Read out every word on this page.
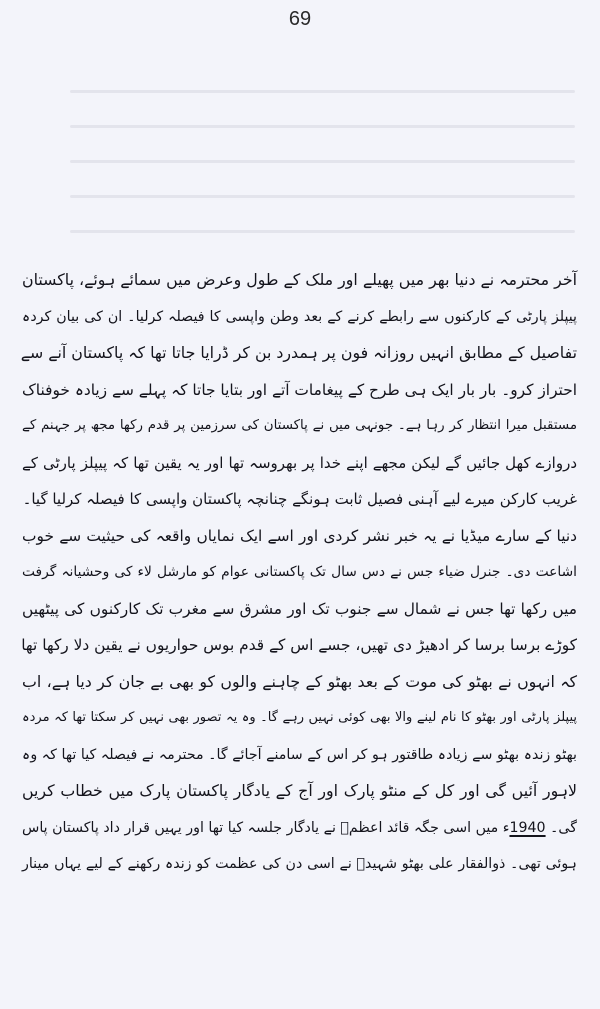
69
آخر محترمہ نے دنیا بھر میں پھیلے اور ملک کے طول وعرض میں سمائے ہوئے، پاکستان
پیپلز پارٹی کے کارکنوں سے رابطے کرنے کے بعد وطن واپسی کا فیصلہ کرلیا۔ ان کی بیان کردہ
تفاصیل کے مطابق انہیں روزانہ فون پر ہمدرد بن کر ڈرایا جاتا تھا کہ پاکستان آنے سے
احتراز کرو۔ بار بار ایک ہی طرح کے پیغامات آتے اور بتایا جاتا کہ پہلے سے زیادہ خوفناک
مستقبل میرا انتظار کر رہا ہے۔ جونہی میں نے پاکستان کی سرزمین پر قدم رکھا مجھ پر جہنم کے
دروازے کھل جائیں گے لیکن مجھے اپنے خدا پر بھروسہ تھا اور یہ یقین تھا کہ پیپلز پارٹی کے
غریب کارکن میرے لیے آہنی فصیل ثابت ہونگے چنانچہ پاکستان واپسی کا فیصلہ کرلیا گیا۔
دنیا کے سارے میڈیا نے یہ خبر نشر کردی اور اسے ایک نمایاں واقعہ کی حیثیت سے خوب
اشاعت دی۔ جنرل ضیاء جس نے دس سال تک پاکستانی عوام کو مارشل لاء کی وحشیانہ گرفت
میں رکھا تھا جس نے شمال سے جنوب تک اور مشرق سے مغرب تک کارکنوں کی پیٹھیں
کوڑے برسا برسا کر ادھیڑ دی تھیں، جسے اس کے قدم بوس حواریوں نے یقین دلا رکھا تھا
کہ انہوں نے بھٹو کی موت کے بعد بھٹو کے چاہنے والوں کو بھی بے جان کر دیا ہے، اب
پیپلز پارٹی اور بھٹو کا نام لینے والا بھی کوئی نہیں رہے گا۔ وہ یہ تصور بھی نہیں کر سکتا تھا کہ مردہ
بھٹو زندہ بھٹو سے زیادہ طاقتور ہو کر اس کے سامنے آجائے گا۔ محترمہ نے فیصلہ کیا تھا کہ وہ
لاہور آئیں گی اور کل کے منٹو پارک اور آج کے یادگار پاکستان پارک میں خطاب کریں
گی۔ 1940ء میں اسی جگہ قائد اعظمؒ نے یادگار جلسہ کیا تھا اور یہیں قرار داد پاکستان پاس
ہوئی تھی۔ ذوالفقار علی بھٹو شہیدؒ نے اسی دن کی عظمت کو زندہ رکھنے کے لیے یہاں مینار
